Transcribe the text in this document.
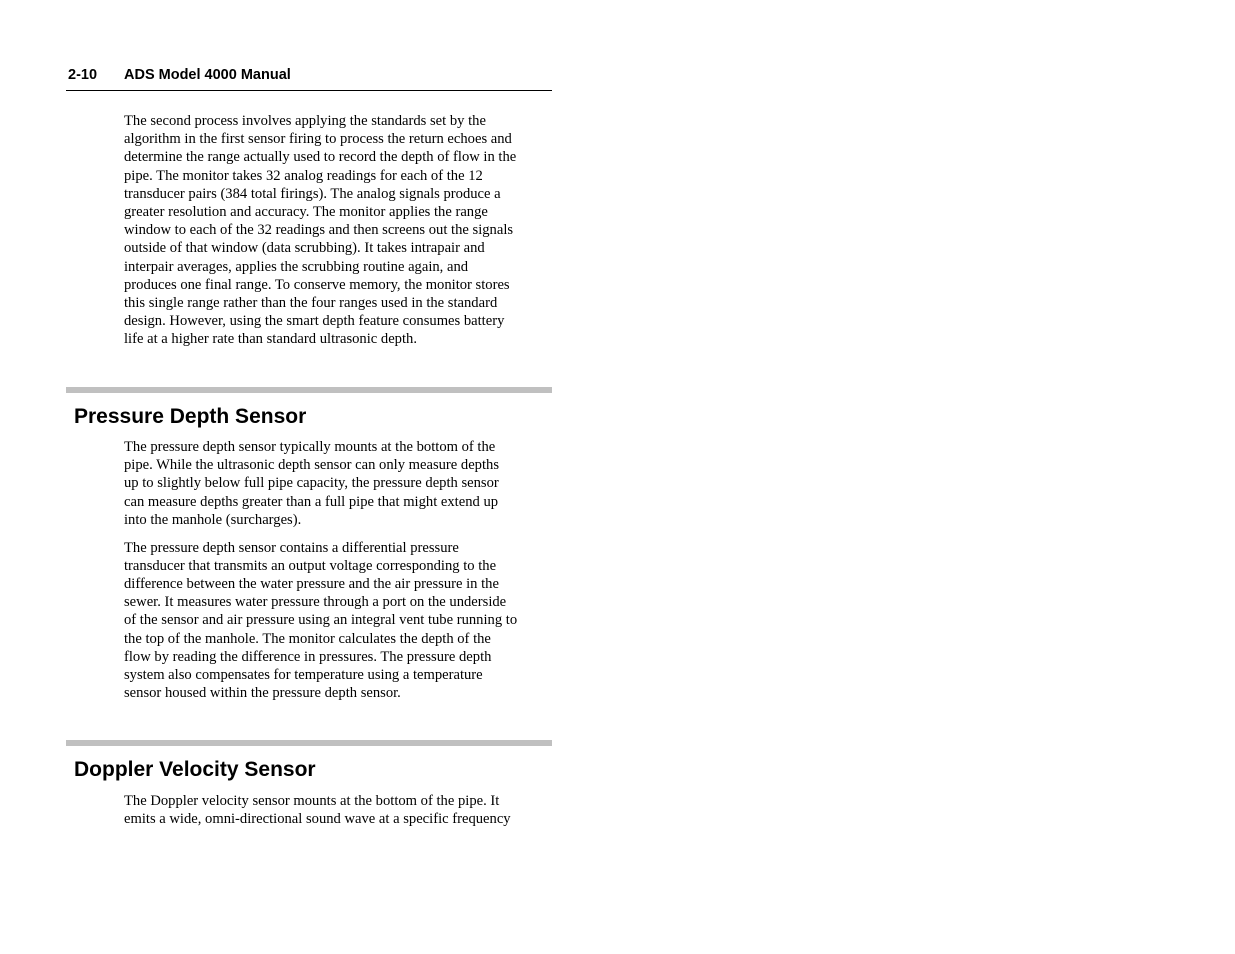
2-10 ADS Model 4000 Manual

The second process involves applying the standards set by the
algorithm in the first sensor firing to process the return echoes and
determine the range actually used to record the depth of flow in the
pipe. The monitor takes 32 analog readings for each of the 12
transducer pairs (384 total firings). The analog signals produce a
greater resolution and accuracy. The monitor applies the range
window to each of the 32 readings and then screens out the signals
outside of that window (data scrubbing). It takes intrapair and
interpair averages, applies the scrubbing routine again, and
produces one final range. To conserve memory, the monitor stores
this single range rather than the four ranges used in the standard
design. However, using the smart depth feature consumes battery
life at a higher rate than standard ultrasonic depth.

Pressure Depth Sensor

The pressure depth sensor typically mounts at the bottom of the
pipe. While the ultrasonic depth sensor can only measure depths
up to slightly below full pipe capacity, the pressure depth sensor
can measure depths greater than a full pipe that might extend up
into the manhole (surcharges).

The pressure depth sensor contains a differential pressure
transducer that transmits an output voltage corresponding to the
difference between the water pressure and the air pressure in the
sewer. It measures water pressure through a port on the underside
of the sensor and air pressure using an integral vent tube running to
the top of the manhole. The monitor calculates the depth of the
flow by reading the difference in pressures. The pressure depth
system also compensates for temperature using a temperature
sensor housed within the pressure depth sensor.

Doppler Velocity Sensor

The Doppler velocity sensor mounts at the bottom of the pipe. It
emits a wide, omni-directional sound wave at a specific frequency
